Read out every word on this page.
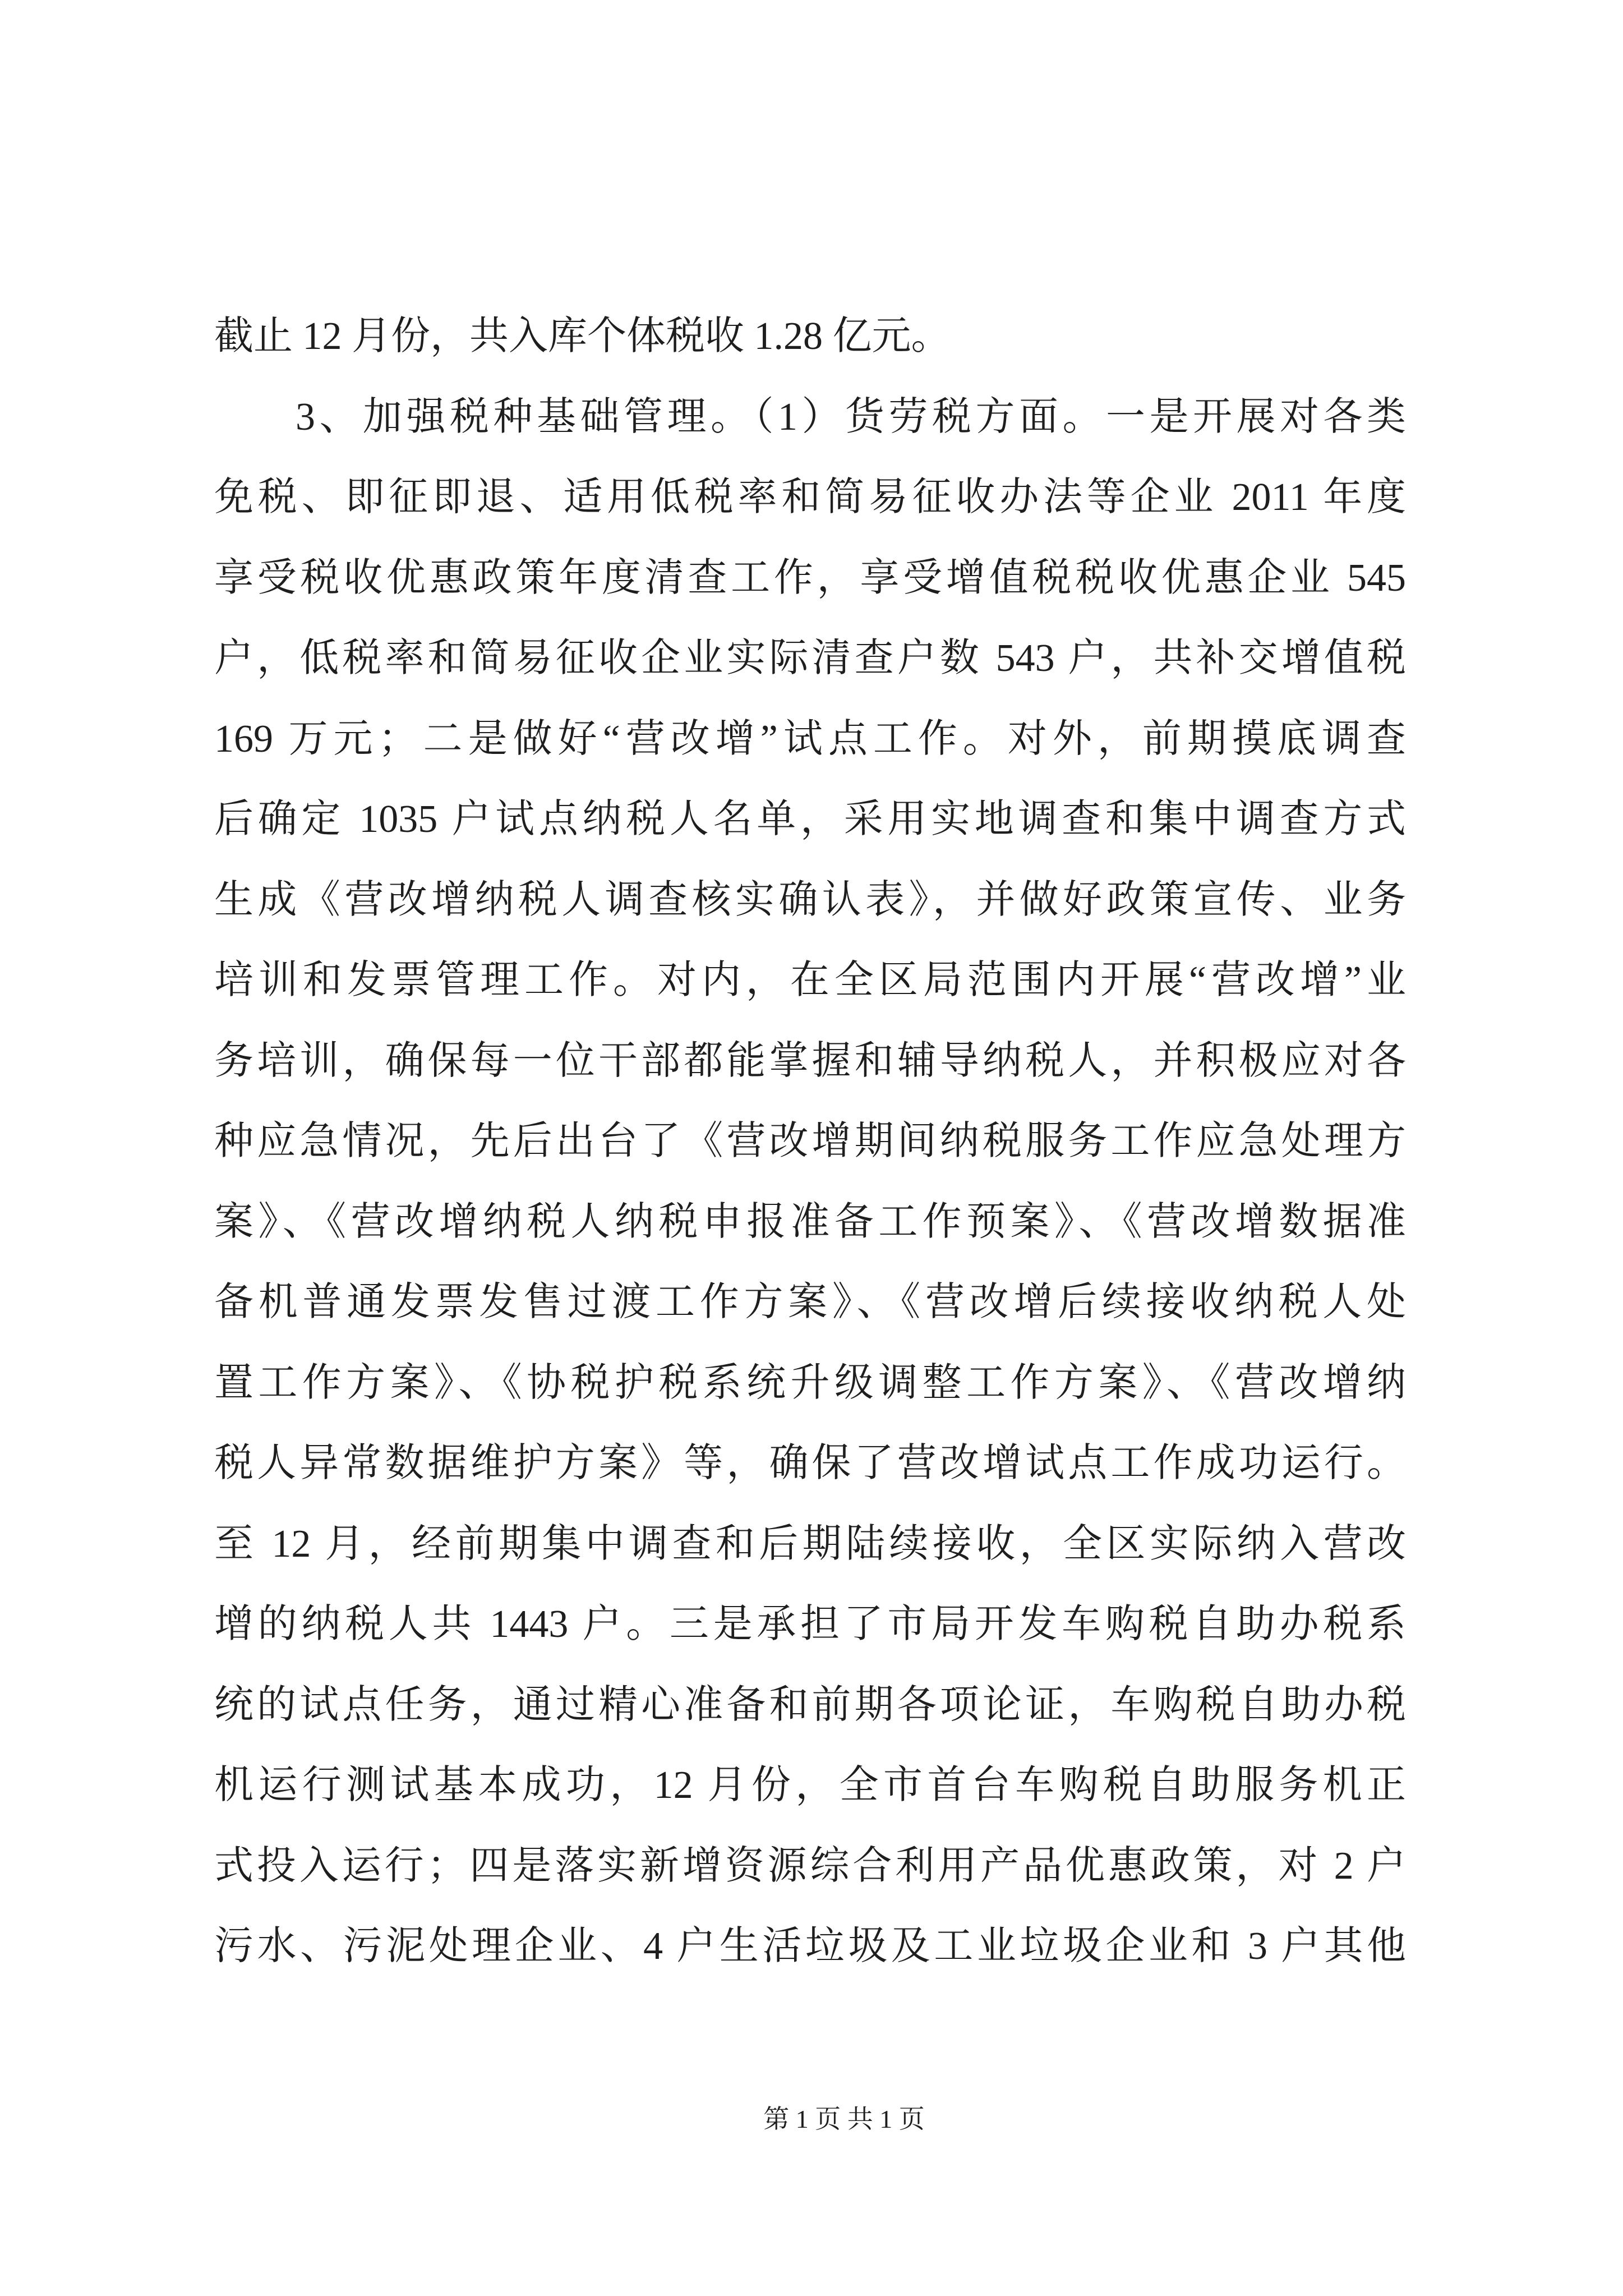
截止 12 月份，共入库个体税收 1.28 亿元。
3、加强税种基础管理。（1）货劳税方面。一是开展对各类
免税、即征即退、适用低税率和简易征收办法等企业 2011 年度
享受税收优惠政策年度清查工作，享受增值税税收优惠企业 545
户，低税率和简易征收企业实际清查户数 543 户，共补交增值税
169 万元；二是做好“营改增”试点工作。对外，前期摸底调查
后确定 1035 户试点纳税人名单，采用实地调查和集中调查方式
生成《营改增纳税人调查核实确认表》，并做好政策宣传、业务
培训和发票管理工作。对内，在全区局范围内开展“营改增”业
务培训，确保每一位干部都能掌握和辅导纳税人，并积极应对各
种应急情况，先后出台了《营改增期间纳税服务工作应急处理方
案》、《营改增纳税人纳税申报准备工作预案》、《营改增数据准
备机普通发票发售过渡工作方案》、《营改增后续接收纳税人处
置工作方案》、《协税护税系统升级调整工作方案》、《营改增纳
税人异常数据维护方案》等，确保了营改增试点工作成功运行。
至 12 月，经前期集中调查和后期陆续接收，全区实际纳入营改
增的纳税人共 1443 户。三是承担了市局开发车购税自助办税系
统的试点任务，通过精心准备和前期各项论证，车购税自助办税
机运行测试基本成功，12 月份，全市首台车购税自助服务机正
式投入运行；四是落实新增资源综合利用产品优惠政策，对 2 户
污水、污泥处理企业、4 户生活垃圾及工业垃圾企业和 3 户其他
第 1 页 共 1 页
